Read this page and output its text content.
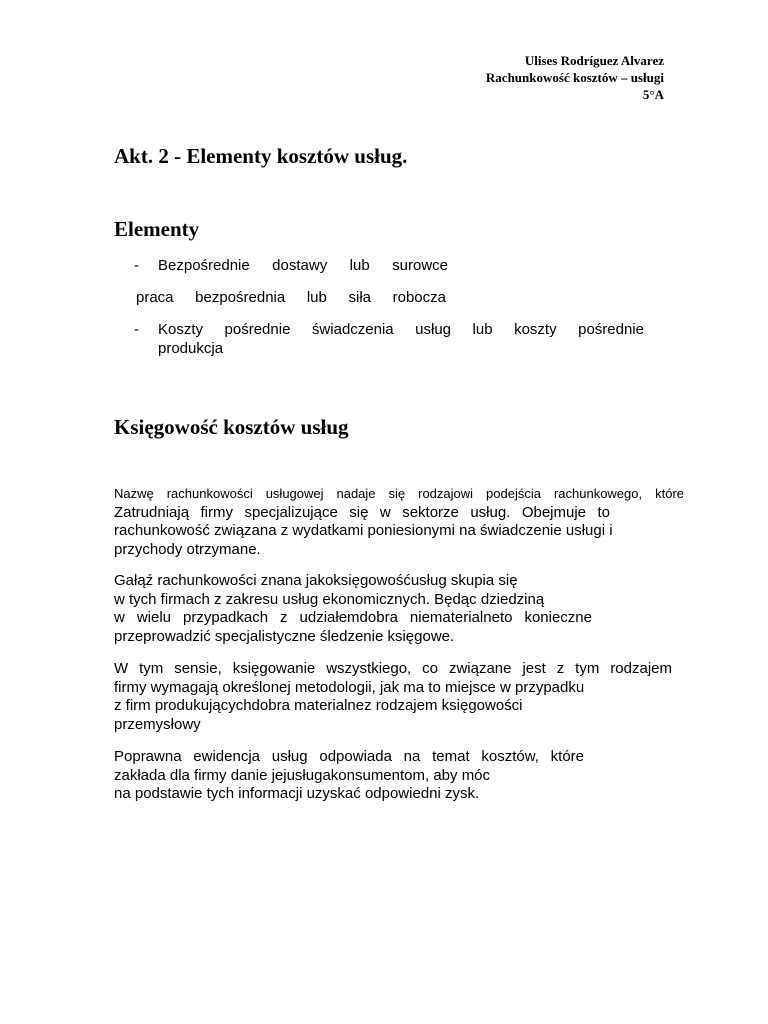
Ulises Rodríguez Alvarez
Rachunkowość kosztów – usługi
5°A
Akt. 2 - Elementy kosztów usług.
Elementy
- Bezpośrednie dostawy lub surowce
praca bezpośrednia lub siła robocza
- Koszty pośrednie świadczenia usług lub koszty pośrednie
produkcja
Księgowość kosztów usług
Nazwę rachunkowości usługowej nadaje się rodzajowi podejścia rachunkowego, które
Zatrudniają firmy specjalizujące się w sektorze usług. Obejmuje to
rachunkowość związana z wydatkami poniesionymi na świadczenie usługi i
przychody otrzymane.
Gałąź rachunkowości znana jakoksięgowośćusług skupia się
w tych firmach z zakresu usług ekonomicznych. Będąc dziedziną
w wielu przypadkach z udziałemdobra niematerialneto konieczne
przeprowadzić specjalistyczne śledzenie księgowe.
W tym sensie, księgowanie wszystkiego, co związane jest z tym rodzajem
firmy wymagają określonej metodologii, jak ma to miejsce w przypadku
z firm produkującychdobra materialnez rodzajem księgowości
przemysłowy
Poprawna ewidencja usług odpowiada na temat kosztów, które
zakłada dla firmy danie jejusługakonsumentom, aby móc
na podstawie tych informacji uzyskać odpowiedni zysk.
